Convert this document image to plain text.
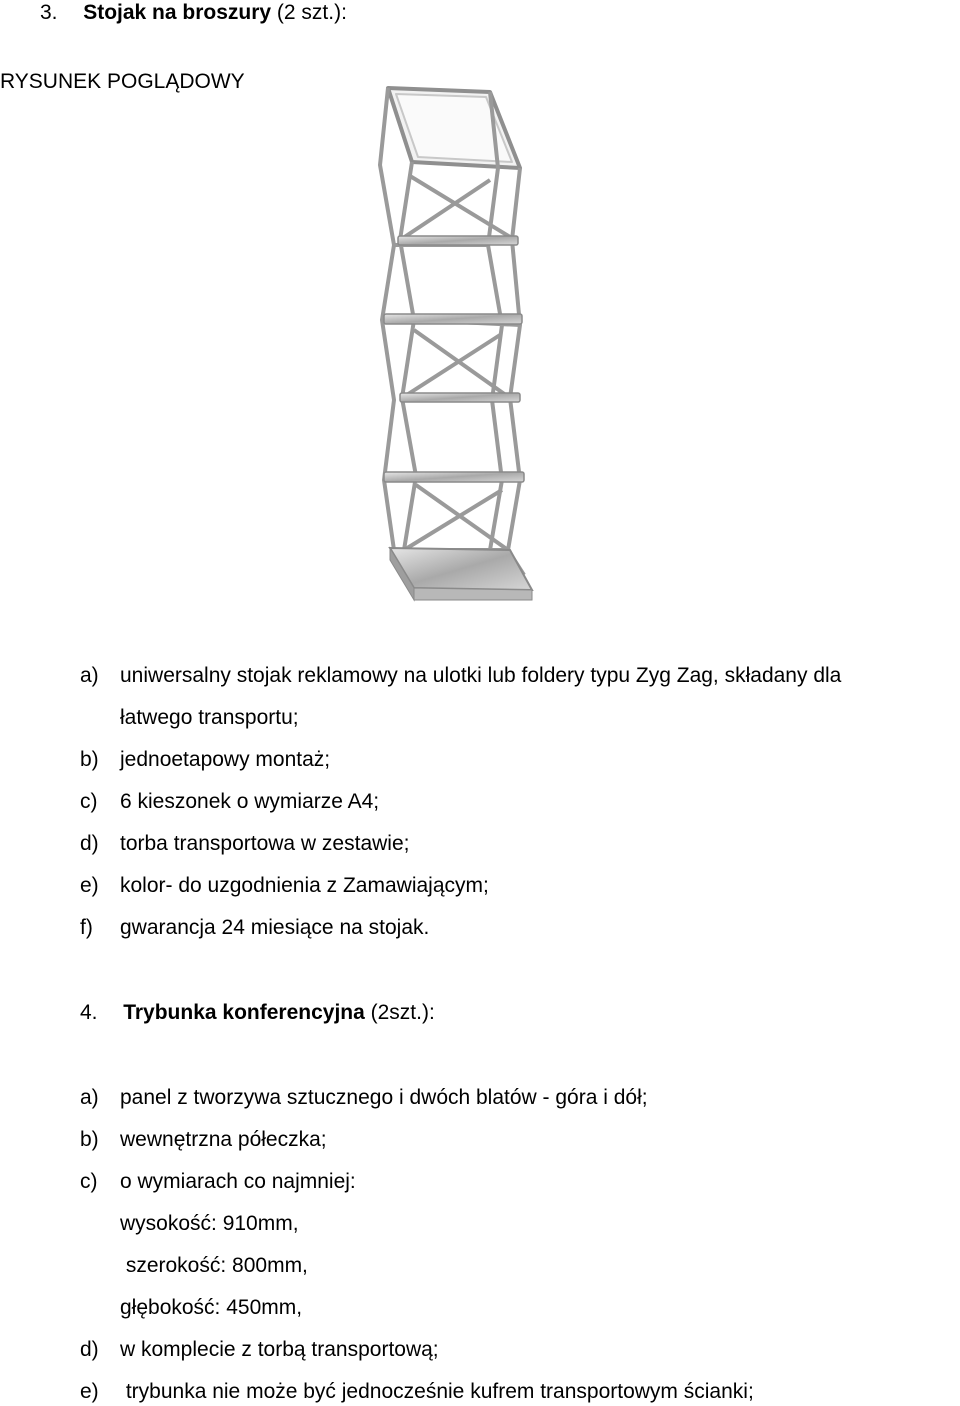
3. Stojak na broszury (2 szt.):
RYSUNEK POGLĄDOWY
a)	uniwersalny stojak reklamowy na ulotki lub foldery typu Zyg Zag, składany dla
łatwego transportu;
b)	jednoetapowy montaż;
c)	6 kieszonek o wymiarze A4;
d)	torba transportowa w zestawie;
e)	kolor- do uzgodnienia z Zamawiającym;
f)	gwarancja 24 miesiące na stojak.
4. Trybunka konferencyjna (2szt.):
a)	panel z tworzywa sztucznego i dwóch blatów - góra i dół;
b)	wewnętrzna półeczka;
c)	o wymiarach co najmniej:
wysokość: 910mm,
szerokość: 800mm,
głębokość: 450mm,
d)	w komplecie z torbą transportową;
e)	trybunka nie może być jednocześnie kufrem transportowym ścianki;
